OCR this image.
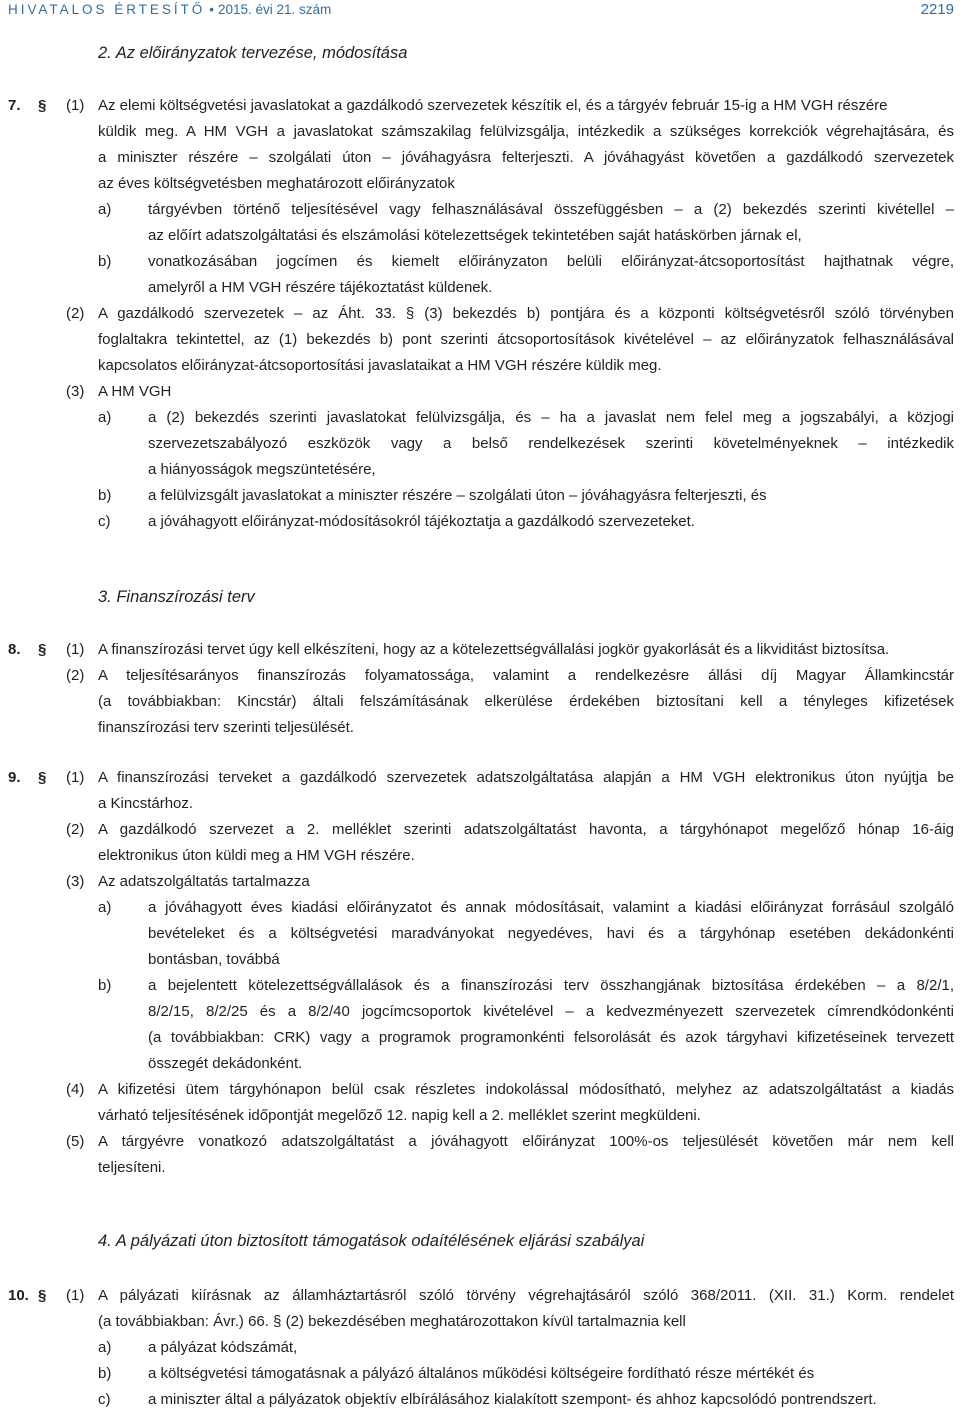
HIVATALOS ÉRTESÍTŐ • 2015. évi 21. szám	2219
2. Az előirányzatok tervezése, módosítása
7. § (1) Az elemi költségvetési javaslatokat a gazdálkodó szervezetek készítik el, és a tárgyév február 15-ig a HM VGH részére
küldik meg. A HM VGH a javaslatokat számszakilag felülvizsgálja, intézkedik a szükséges korrekciók végrehajtására, és
a miniszter részére – szolgálati úton – jóváhagyásra felterjeszti. A jóváhagyást követően a gazdálkodó szervezetek
az éves költségvetésben meghatározott előirányzatok
a) tárgyévben történő teljesítésével vagy felhasználásával összefüggésben – a (2) bekezdés szerinti kivétellel –
az előírt adatszolgáltatási és elszámolási kötelezettségek tekintetében saját hatáskörben járnak el,
b) vonatkozásában jogcímen és kiemelt előirányzaton belüli előirányzat-átcsoportosítást hajthatnak végre,
amelyről a HM VGH részére tájékoztatást küldenek.
(2) A gazdálkodó szervezetek – az Áht. 33. § (3) bekezdés b) pontjára és a központi költségvetésről szóló törvényben
foglaltakra tekintettel, az (1) bekezdés b) pont szerinti átcsoportosítások kivételével – az előirányzatok felhasználásával
kapcsolatos előirányzat-átcsoportosítási javaslataikat a HM VGH részére küldik meg.
(3) A HM VGH
a) a (2) bekezdés szerinti javaslatokat felülvizsgálja, és – ha a javaslat nem felel meg a jogszabályi, a közjogi
szervezetszabályozó eszközök vagy a belső rendelkezések szerinti követelményeknek – intézkedik
a hiányosságok megszüntetésére,
b) a felülvizsgált javaslatokat a miniszter részére – szolgálati úton – jóváhagyásra felterjeszti, és
c)	a jóváhagyott előirányzat-módosításokról tájékoztatja a gazdálkodó szervezeteket.
3. Finanszírozási terv
8. § (1) A finanszírozási tervet úgy kell elkészíteni, hogy az a kötelezettségvállalási jogkör gyakorlását és a likviditást biztosítsa.
(2) A teljesítésarányos finanszírozás folyamatossága, valamint a rendelkezésre állási díj Magyar Államkincstár
(a továbbiakban: Kincstár) általi felszámításának elkerülése érdekében biztosítani kell a tényleges kifizetések
finanszírozási terv szerinti teljesülését.
9. § (1) A finanszírozási terveket a gazdálkodó szervezetek adatszolgáltatása alapján a HM VGH elektronikus úton nyújtja be
a Kincstárhoz.
(2) A gazdálkodó szervezet a 2. melléklet szerinti adatszolgáltatást havonta, a tárgyhónapot megelőző hónap 16-áig
elektronikus úton küldi meg a HM VGH részére.
(3) Az adatszolgáltatás tartalmazza
a) a jóváhagyott éves kiadási előirányzatot és annak módosításait, valamint a kiadási előirányzat forrásául szolgáló
bevételeket és a költségvetési maradványokat negyedéves, havi és a tárgyhónap esetében dekádonkénti
bontásban, továbbá
b) a bejelentett kötelezettségvállalások és a finanszírozási terv összhangjának biztosítása érdekében – a 8/2/1,
8/2/15, 8/2/25 és a 8/2/40 jogcímcsoportok kivételével – a kedvezményezett szervezetek címrendkódonkénti
(a továbbiakban: CRK) vagy a programok programonkénti felsorolását és azok tárgyhavi kifizetéseinek tervezett
összegét dekádonként.
(4) A kifizetési ütem tárgyhónapon belül csak részletes indokolással módosítható, melyhez az adatszolgáltatást a kiadás
várható teljesítésének időpontját megelőző 12. napig kell a 2. melléklet szerint megküldeni.
(5) A tárgyévre vonatkozó adatszolgáltatást a jóváhagyott előirányzat 100%-os teljesülését követően már nem kell
teljesíteni.
4. A pályázati úton biztosított támogatások odaítélésének eljárási szabályai
10. § (1) A pályázati kiírásnak az államháztartásról szóló törvény végrehajtásáról szóló 368/2011. (XII. 31.) Korm. rendelet
(a továbbiakban: Ávr.) 66. § (2) bekezdésében meghatározottakon kívül tartalmaznia kell
a) a pályázat kódszámát,
b) a költségvetési támogatásnak a pályázó általános működési költségeire fordítható része mértékét és
c)	a miniszter által a pályázatok objektív elbírálásához kialakított szempont- és ahhoz kapcsolódó pontrendszert.
